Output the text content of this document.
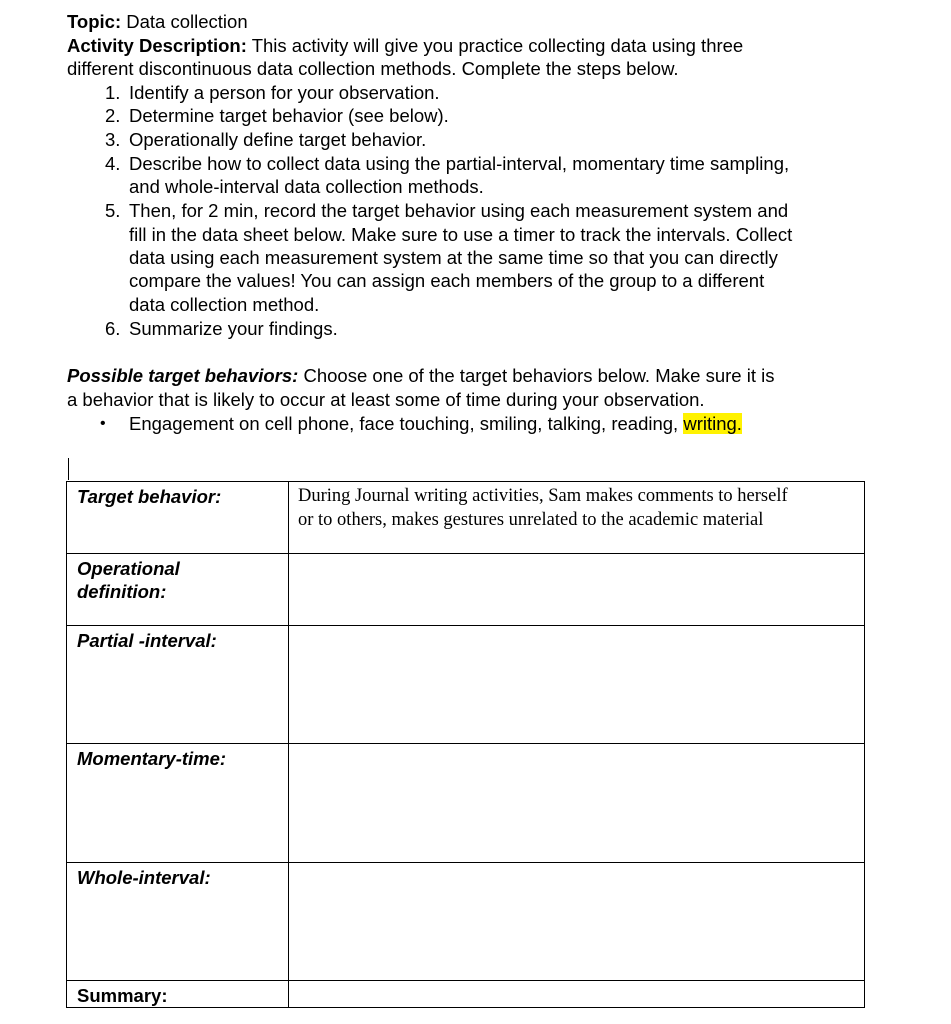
Topic: Data collection
Activity Description: This activity will give you practice collecting data using three
different discontinuous data collection methods. Complete the steps below.
1. Identify a person for your observation.
2. Determine target behavior (see below).
3. Operationally define target behavior.
4. Describe how to collect data using the partial-interval, momentary time sampling,
and whole-interval data collection methods.
5. Then, for 2 min, record the target behavior using each measurement system and
fill in the data sheet below. Make sure to use a timer to track the intervals. Collect
data using each measurement system at the same time so that you can directly
compare the values! You can assign each members of the group to a different
data collection method.
6. Summarize your findings.
Possible target behaviors: Choose one of the target behaviors below. Make sure it is
a behavior that is likely to occur at least some of time during your observation.
• Engagement on cell phone, face touching, smiling, talking, reading, writing.
Target behavior:	During Journal writing activities, Sam makes comments to herself
or to others, makes gestures unrelated to the academic material

Operational
definition:	

Partial -interval:	
Momentary-time:	
Whole-interval:	
Summary:	
